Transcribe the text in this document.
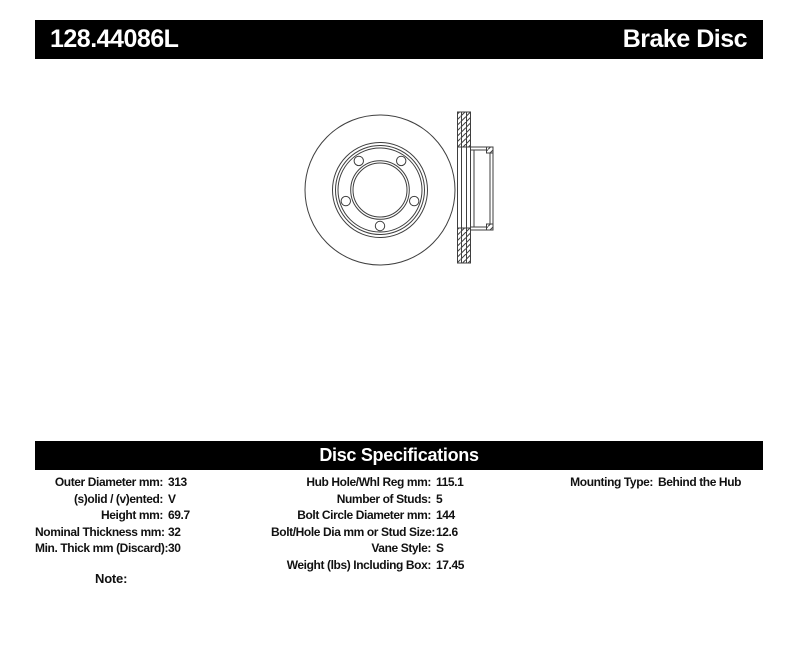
128.44086L	Brake Disc
Disc Specifications
Outer Diameter mm: 313
(s)olid / (v)ented: V
Height mm: 69.7
Nominal Thickness mm: 32
Min. Thick mm (Discard): 30
Hub Hole/Whl Reg mm: 115.1
Number of Studs: 5
Bolt Circle Diameter mm: 144
Bolt/Hole Dia mm or Stud Size: 12.6
Vane Style: S
Weight (lbs) Including Box: 17.45
Mounting Type: Behind the Hub
Note:
